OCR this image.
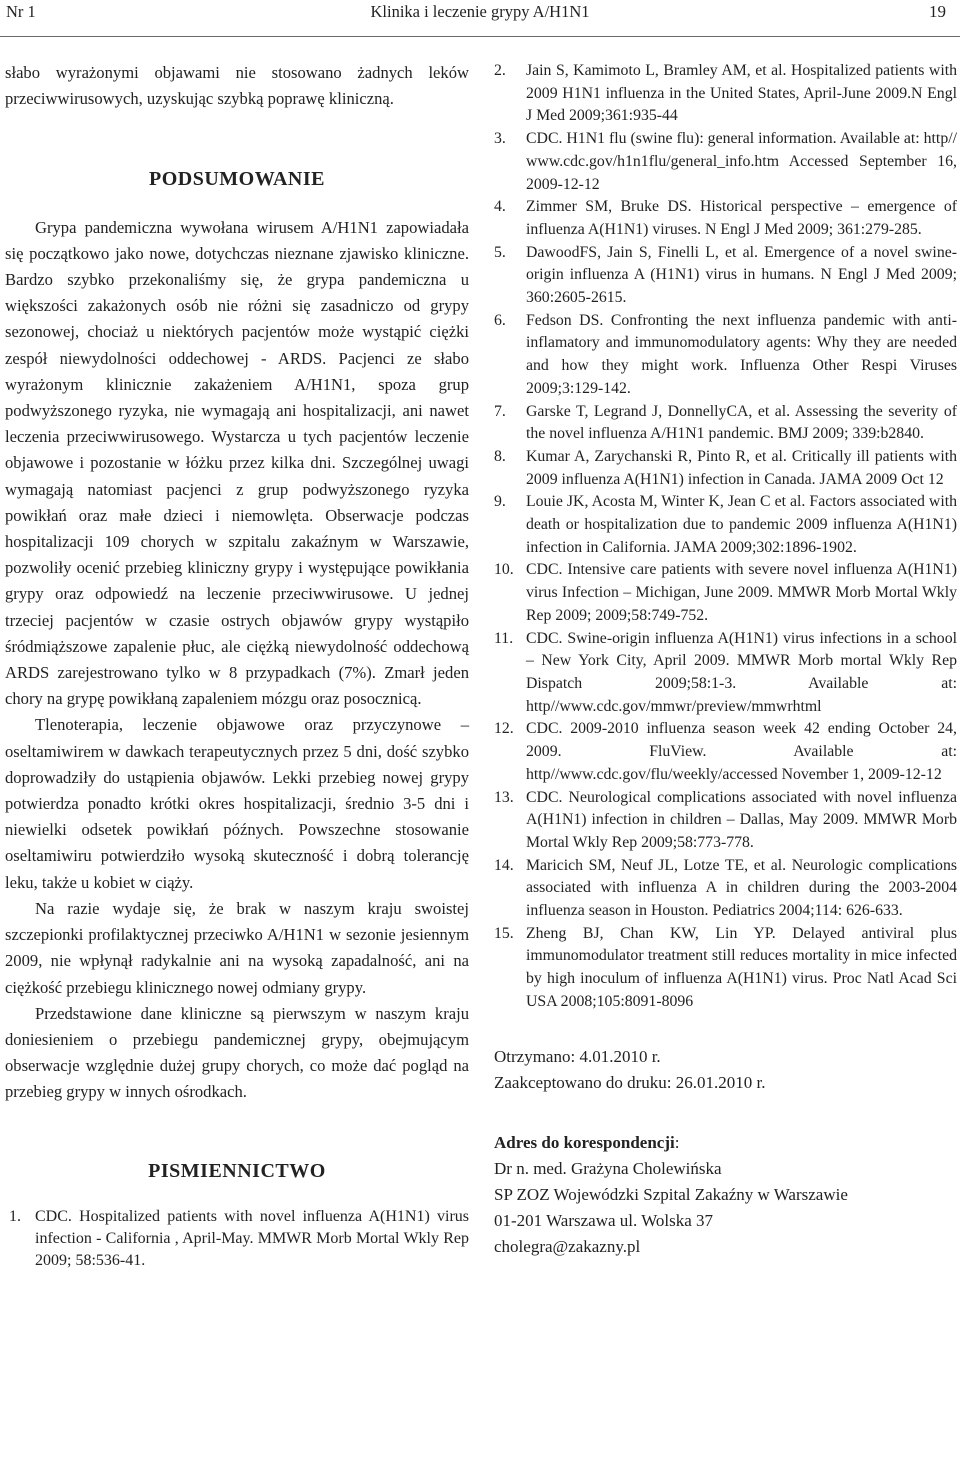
Nr 1	Klinika i leczenie grypy A/H1N1	19

słabo wyrażonymi objawami nie stosowano żadnych leków przeciwwirusowych, uzyskując szybką poprawę kliniczną.

PODSUMOWANIE

Grypa pandemiczna wywołana wirusem A/H1N1 zapowiadała się początkowo jako nowe, dotychczas nieznane zjawisko kliniczne. Bardzo szybko przekonaliśmy się, że grypa pandemiczna u większości zakażonych osób nie różni się zasadniczo od grypy sezonowej, chociaż u niektórych pacjentów może wystąpić ciężki zespół niewydolności oddechowej - ARDS. Pacjenci ze słabo wyrażonym klinicznie zakażeniem A/H1N1, spoza grup podwyższonego ryzyka, nie wymagają ani hospitalizacji, ani nawet leczenia przeciwwirusowego. Wystarcza u tych pacjentów leczenie objawowe i pozostanie w łóżku przez kilka dni. Szczególnej uwagi wymagają natomiast pacjenci z grup podwyższonego ryzyka powikłań oraz małe dzieci i niemowlęta. Obserwacje podczas hospitalizacji 109 chorych w szpitalu zakaźnym w Warszawie, pozwoliły ocenić przebieg kliniczny grypy i występujące powikłania grypy oraz odpowiedź na leczenie przeciwwirusowe. U jednej trzeciej pacjentów w czasie ostrych objawów grypy wystąpiło śródmiąższowe zapalenie płuc, ale ciężką niewydolność oddechową ARDS zarejestrowano tylko w 8 przypadkach (7%). Zmarł jeden chory na grypę powikłaną zapaleniem mózgu oraz posocznicą.

Tlenoterapia, leczenie objawowe oraz przyczynowe – oseltamiwirem w dawkach terapeutycznych przez 5 dni, dość szybko doprowadziły do ustąpienia objawów. Lekki przebieg nowej grypy potwierdza ponadto krótki okres hospitalizacji, średnio 3-5 dni i niewielki odsetek powikłań późnych. Powszechne stosowanie oseltamiwiru potwierdziło wysoką skuteczność i dobrą tolerancję leku, także u kobiet w ciąży.

Na razie wydaje się, że brak w naszym kraju swoistej szczepionki profilaktycznej przeciwko A/H1N1 w sezonie jesiennym 2009, nie wpłynął radykalnie ani na wysoką zapadalność, ani na ciężkość przebiegu klinicznego nowej odmiany grypy.

Przedstawione dane kliniczne są pierwszym w naszym kraju doniesieniem o przebiegu pandemicznej grypy, obejmującym obserwacje względnie dużej grupy chorych, co może dać pogląd na przebieg grypy w innych ośrodkach.

PISMIENNICTWO
1. CDC. Hospitalized patients with novel influenza A(H1N1) virus infection - California , April-May. MMWR Morb Mortal Wkly Rep 2009; 58:536-41.
2.	Jain S, Kamimoto L, Bramley AM, et al. Hospitalized patients with 2009 H1N1 influenza in the United States, April-June 2009.N Engl J Med 2009;361:935-44
3.	CDC. H1N1 flu (swine flu): general information. Available at: http// www.cdc.gov/h1n1flu/general_info.htm Accessed September 16, 2009-12-12
4.	Zimmer SM, Bruke DS. Historical perspective – emergence of influenza A(H1N1) viruses. N Engl J Med 2009; 361:279-285.
5.	DawoodFS, Jain S, Finelli L, et al. Emergence of a novel swine-origin influenza A (H1N1) virus in humans. N Engl J Med 2009; 360:2605-2615.
6.	Fedson DS. Confronting the next influenza pandemic with anti-inflamatory and immunomodulatory agents: Why they are needed and how they might work. Influenza Other Respi Viruses 2009;3:129-142.
7.	Garske T, Legrand J, DonnellyCA, et al. Assessing the severity of the novel influenza A/H1N1 pandemic. BMJ 2009; 339:b2840.
8.	Kumar A, Zarychanski R, Pinto R, et al. Critically ill patients with 2009 influenza A(H1N1) infection in Canada. JAMA 2009 Oct 12
9.	Louie JK, Acosta M, Winter K, Jean C et al. Factors associated with death or hospitalization due to pandemic 2009 influenza A(H1N1) infection in California. JAMA 2009;302:1896-1902.
10. CDC. Intensive care patients with severe novel influenza A(H1N1) virus Infection – Michigan, June 2009. MMWR Morb Mortal Wkly Rep 2009; 2009;58:749-752.
11. CDC. Swine-origin influenza A(H1N1) virus infections in a school – New York City, April 2009. MMWR Morb mortal Wkly Rep Dispatch 2009;58:1-3. Available at: http//www.cdc.gov/mmwr/preview/mmwrhtml
12. CDC. 2009-2010 influenza season week 42 ending October 24, 2009. FluView. Available at: http//www.cdc.gov/flu/weekly/accessed November 1, 2009-12-12
13. CDC. Neurological complications associated with novel influenza A(H1N1) infection in children – Dallas, May 2009. MMWR Morb Mortal Wkly Rep 2009;58:773-778.
14. Maricich SM, Neuf JL, Lotze TE, et al. Neurologic complications associated with influenza A in children during the 2003-2004 influenza season in Houston. Pediatrics 2004;114: 626-633.
15. Zheng BJ, Chan KW, Lin YP. Delayed antiviral plus immunomodulator treatment still reduces mortality in mice infected by high inoculum of influenza A(H1N1) virus. Proc Natl Acad Sci USA 2008;105:8091-8096
Otrzymano: 4.01.2010 r.
Zaakceptowano do druku: 26.01.2010 r.
Adres do korespondencji:
Dr n. med. Grażyna Cholewińska
SP ZOZ Wojewódzki Szpital Zakaźny w Warszawie
01-201 Warszawa ul. Wolska 37
cholegra@zakazny.pl
